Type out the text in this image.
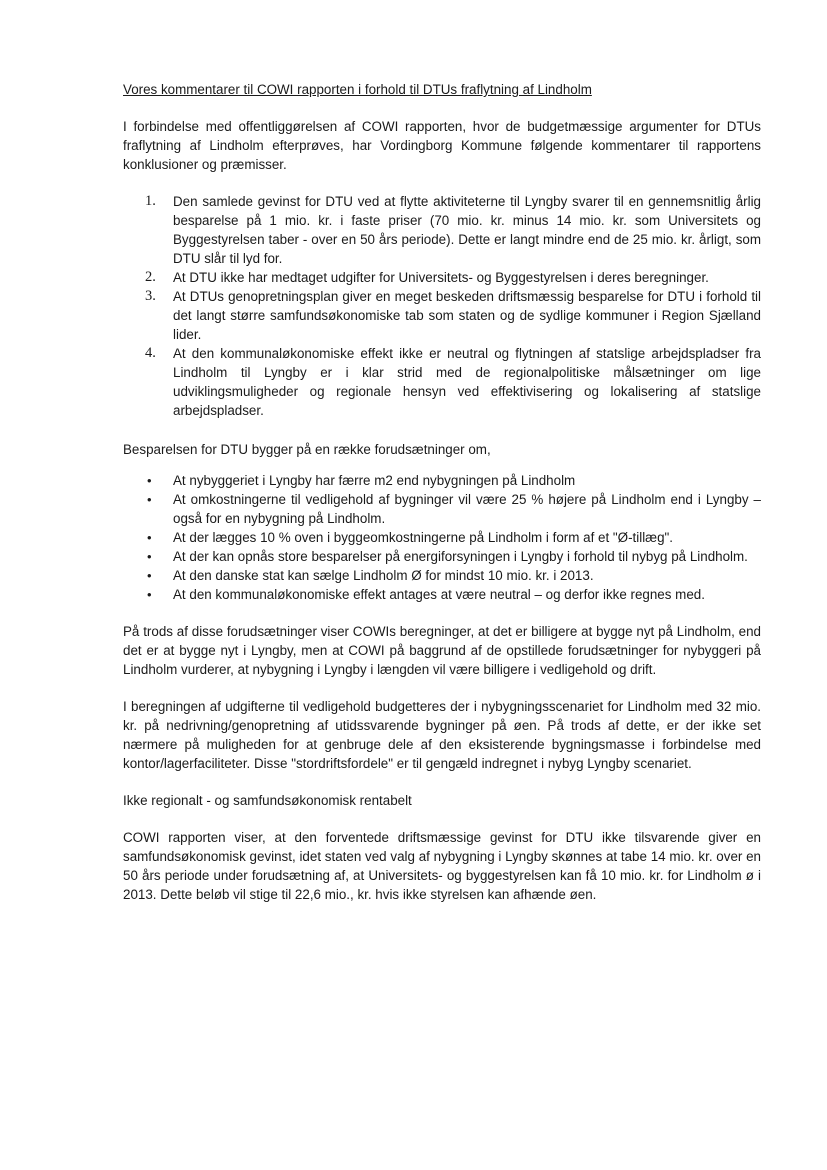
Vores kommentarer til COWI rapporten i forhold til DTUs fraflytning af Lindholm

I forbindelse med offentliggørelsen af COWI rapporten, hvor de budgetmæssige argumenter for DTUs fraflytning af Lindholm efterprøves, har Vordingborg Kommune følgende kommentarer til rapportens konklusioner og præmisser.

1. Den samlede gevinst for DTU ved at flytte aktiviteterne til Lyngby svarer til en gennemsnitlig årlig besparelse på 1 mio. kr. i faste priser (70 mio. kr. minus 14 mio. kr. som Universitets og Byggestyrelsen taber - over en 50 års periode). Dette er langt mindre end de 25 mio. kr. årligt, som DTU slår til lyd for.
2. At DTU ikke har medtaget udgifter for Universitets- og Byggestyrelsen i deres beregninger.
3. At DTUs genopretningsplan giver en meget beskeden driftsmæssig besparelse for DTU i forhold til det langt større samfundsøkonomiske tab som staten og de sydlige kommuner i Region Sjælland lider.
4. At den kommunaløkonomiske effekt ikke er neutral og flytningen af statslige arbejdspladser fra Lindholm til Lyngby er i klar strid med de regionalpolitiske målsætninger om lige udviklingsmuligheder og regionale hensyn ved effektivisering og lokalisering af statslige arbejdspladser.

Besparelsen for DTU bygger på en række forudsætninger om,

• At nybyggeriet i Lyngby har færre m2 end nybygningen på Lindholm
• At omkostningerne til vedligehold af bygninger vil være 25 % højere på Lindholm end i Lyngby – også for en nybygning på Lindholm.
• At der lægges 10 % oven i byggeomkostningerne på Lindholm i form af et "Ø-tillæg".
• At der kan opnås store besparelser på energiforsyningen i Lyngby i forhold til nybyg på Lindholm.
• At den danske stat kan sælge Lindholm Ø for mindst 10 mio. kr. i 2013.
• At den kommunaløkonomiske effekt antages at være neutral – og derfor ikke regnes med.

På trods af disse forudsætninger viser COWIs beregninger, at det er billigere at bygge nyt på Lindholm, end det er at bygge nyt i Lyngby, men at COWI på baggrund af de opstillede forudsætninger for nybyggeri på Lindholm vurderer, at nybygning i Lyngby i længden vil være billigere i vedligehold og drift.

I beregningen af udgifterne til vedligehold budgetteres der i nybygningsscenariet for Lindholm med 32 mio. kr. på nedrivning/genopretning af utidssvarende bygninger på øen. På trods af dette, er der ikke set nærmere på muligheden for at genbruge dele af den eksisterende bygningsmasse i forbindelse med kontor/lagerfaciliteter. Disse "stordriftsfordele" er til gengæld indregnet i nybyg Lyngby scenariet.

Ikke regionalt - og samfundsøkonomisk rentabelt

COWI rapporten viser, at den forventede driftsmæssige gevinst for DTU ikke tilsvarende giver en samfundsøkonomisk gevinst, idet staten ved valg af nybygning i Lyngby skønnes at tabe 14 mio. kr. over en 50 års periode under forudsætning af, at Universitets- og byggestyrelsen kan få 10 mio. kr. for Lindholm ø i 2013. Dette beløb vil stige til 22,6 mio., kr. hvis ikke styrelsen kan afhænde øen.
